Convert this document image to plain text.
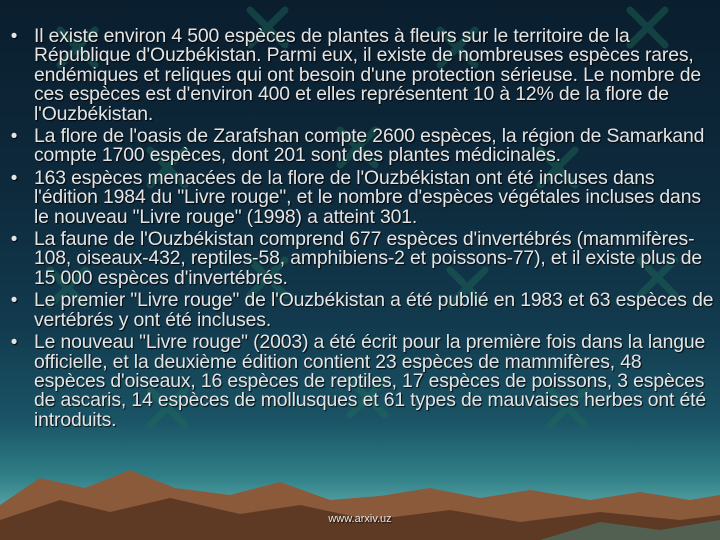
• Il existe environ 4 500 espèces de plantes à fleurs sur le territoire de la République d'Ouzbékistan. Parmi eux, il existe de nombreuses espèces rares, endémiques et reliques qui ont besoin d'une protection sérieuse. Le nombre de ces espèces est d'environ 400 et elles représentent 10 à 12% de la flore de l'Ouzbékistan.
• La flore de l'oasis de Zarafshan compte 2600 espèces, la région de Samarkand compte 1700 espèces, dont 201 sont des plantes médicinales.
• 163 espèces menacées de la flore de l'Ouzbékistan ont été incluses dans l'édition 1984 du "Livre rouge", et le nombre d'espèces végétales incluses dans le nouveau "Livre rouge" (1998) a atteint 301.
• La faune de l'Ouzbékistan comprend 677 espèces d'invertébrés (mammifères-108, oiseaux-432, reptiles-58, amphibiens-2 et poissons-77), et il existe plus de 15 000 espèces d'invertébrés.
• Le premier "Livre rouge" de l'Ouzbékistan a été publié en 1983 et 63 espèces de vertébrés y ont été incluses.
• Le nouveau "Livre rouge" (2003) a été écrit pour la première fois dans la langue officielle, et la deuxième édition contient 23 espèces de mammifères, 48 espèces d'oiseaux, 16 espèces de reptiles, 17 espèces de poissons, 3 espèces de ascaris, 14 espèces de mollusques et 61 types de mauvaises herbes ont été introduits.
www.arxiv.uz
